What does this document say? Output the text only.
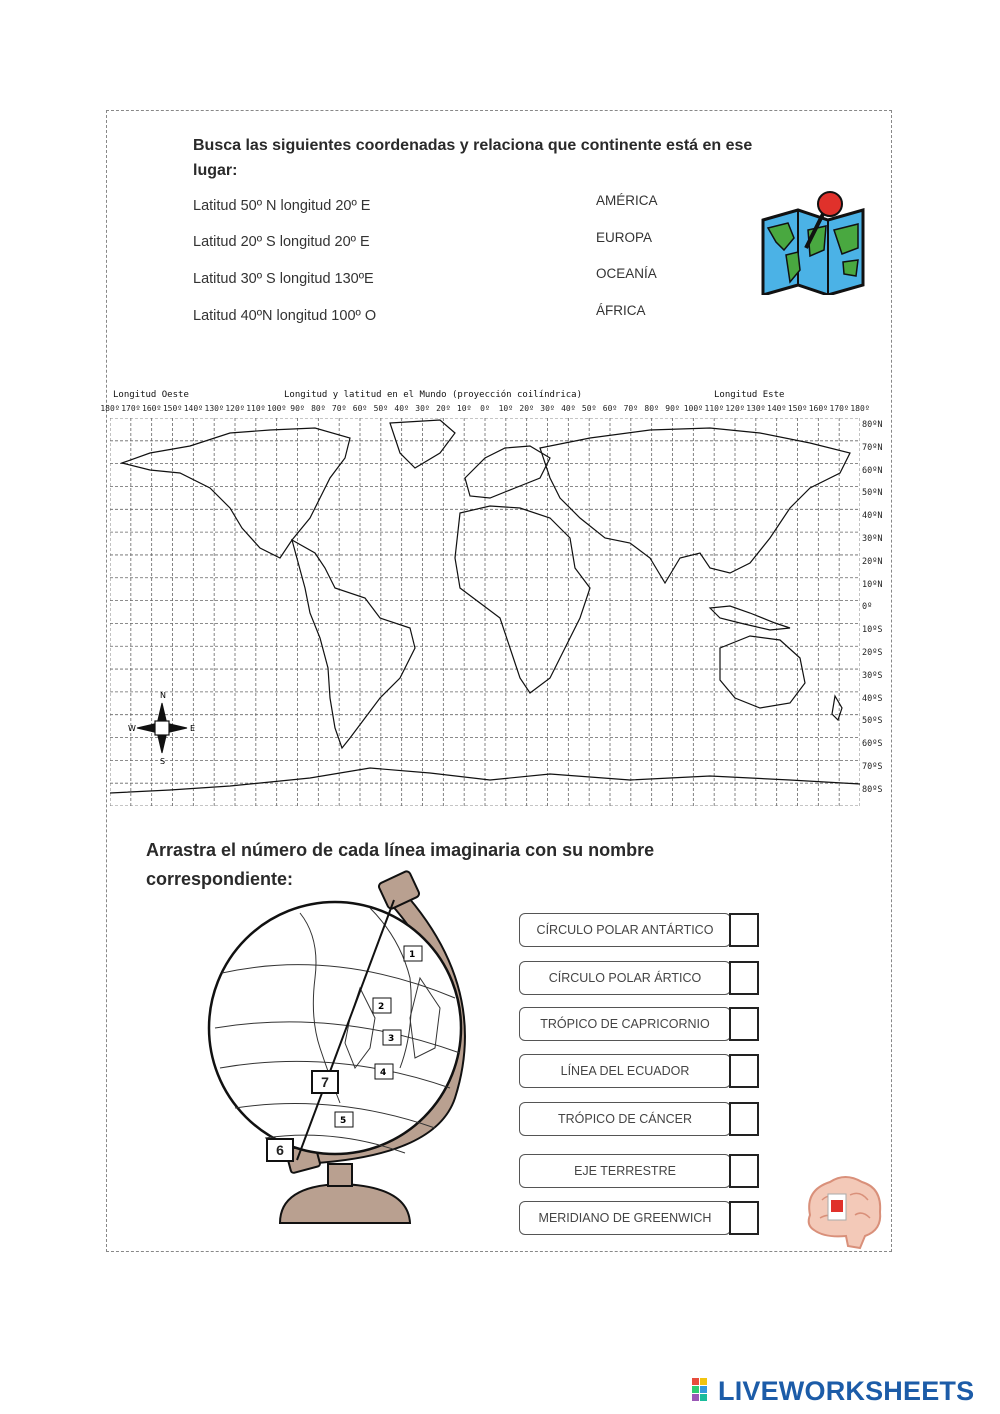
Busca las siguientes coordenadas y relaciona que continente está en ese lugar:
Latitud 50º N longitud 20º E
Latitud 20º S longitud 20º E
Latitud 30º S longitud 130ºE
Latitud 40ºN longitud 100º O
AMÉRICA
EUROPA
OCEANÍA
ÁFRICA
Longitud Oeste	Longitud y latitud en el Mundo (proyección coilíndrica)	Longitud Este
180º 170º 160º 150º 140º 130º 120º 110º 100º 90º 80º 70º 60º 50º 40º 30º 20º 10º 0º 10º 20º 30º 40º 50º 60º 70º 80º 90º 100º 110º 120º 130º 140º 150º 160º 170º 180º
80ºN
70ºN
60ºN
50ºN
40ºN
30ºN
20ºN
10ºN
0º
10ºS
20ºS
30ºS
40ºS
50ºS
60ºS
70ºS
80ºS
N
S
W	E
Arrastra el número de cada línea imaginaria con su nombre correspondiente:
1
2
3
4
5
7
6
CÍRCULO POLAR ANTÁRTICO
CÍRCULO POLAR ÁRTICO
TRÓPICO DE CAPRICORNIO
LÍNEA DEL ECUADOR
TRÓPICO DE CÁNCER
EJE TERRESTRE
MERIDIANO DE GREENWICH
LIVEWORKSHEETS
